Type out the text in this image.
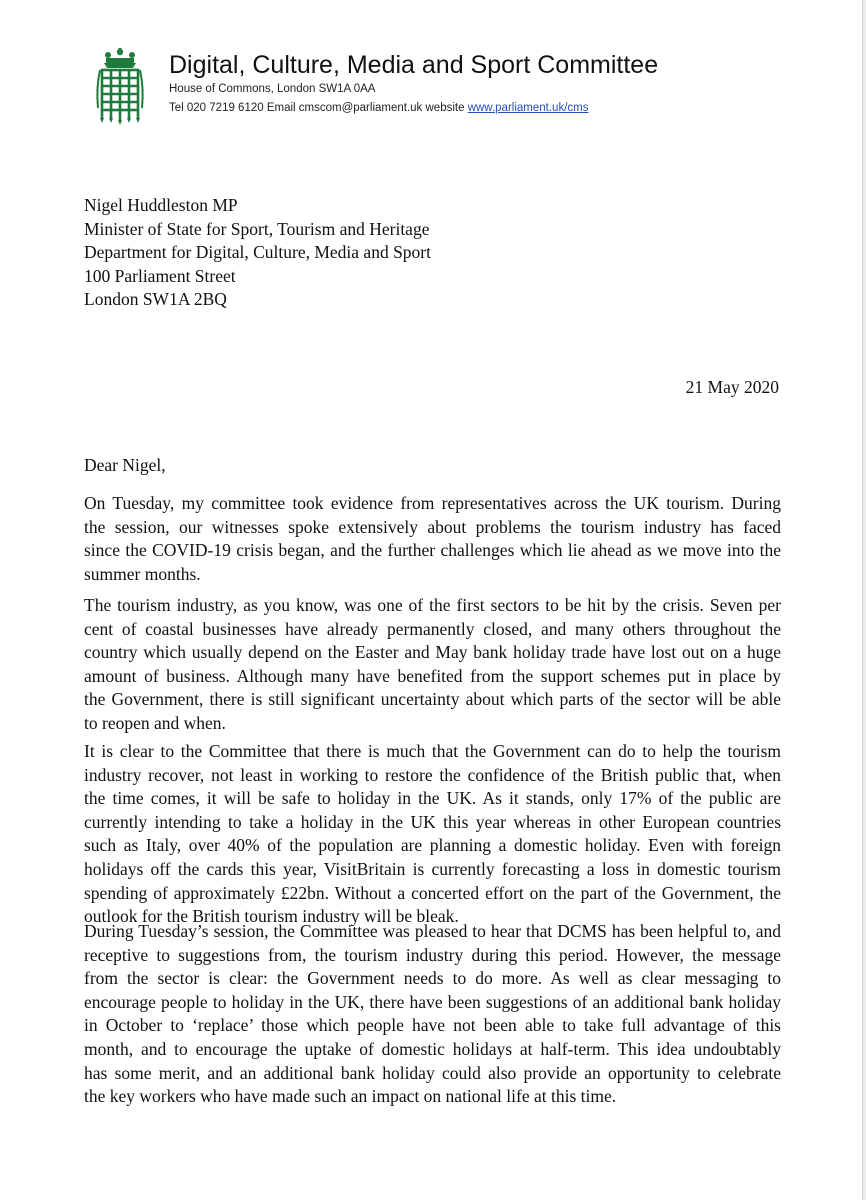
Digital, Culture, Media and Sport Committee
House of Commons, London SW1A 0AA
Tel 020 7219 6120 Email cmscom@parliament.uk website www.parliament.uk/cms
Nigel Huddleston MP
Minister of State for Sport, Tourism and Heritage
Department for Digital, Culture, Media and Sport
100 Parliament Street
London SW1A 2BQ
21 May 2020
Dear Nigel,

On Tuesday, my committee took evidence from representatives across the UK tourism. During
the session, our witnesses spoke extensively about problems the tourism industry has faced
since the COVID-19 crisis began, and the further challenges which lie ahead as we move into the
summer months.

The tourism industry, as you know, was one of the first sectors to be hit by the crisis. Seven per
cent of coastal businesses have already permanently closed, and many others throughout the
country which usually depend on the Easter and May bank holiday trade have lost out on a huge
amount of business. Although many have benefited from the support schemes put in place by
the Government, there is still significant uncertainty about which parts of the sector will be able
to reopen and when.

It is clear to the Committee that there is much that the Government can do to help the tourism
industry recover, not least in working to restore the confidence of the British public that, when
the time comes, it will be safe to holiday in the UK. As it stands, only 17% of the public are
currently intending to take a holiday in the UK this year whereas in other European countries
such as Italy, over 40% of the population are planning a domestic holiday. Even with foreign
holidays off the cards this year, VisitBritain is currently forecasting a loss in domestic tourism
spending of approximately £22bn. Without a concerted effort on the part of the Government, the
outlook for the British tourism industry will be bleak.

During Tuesday’s session, the Committee was pleased to hear that DCMS has been helpful to, and
receptive to suggestions from, the tourism industry during this period. However, the message
from the sector is clear: the Government needs to do more. As well as clear messaging to
encourage people to holiday in the UK, there have been suggestions of an additional bank holiday
in October to ‘replace’ those which people have not been able to take full advantage of this
month, and to encourage the uptake of domestic holidays at half-term. This idea undoubtably
has some merit, and an additional bank holiday could also provide an opportunity to celebrate
the key workers who have made such an impact on national life at this time.
